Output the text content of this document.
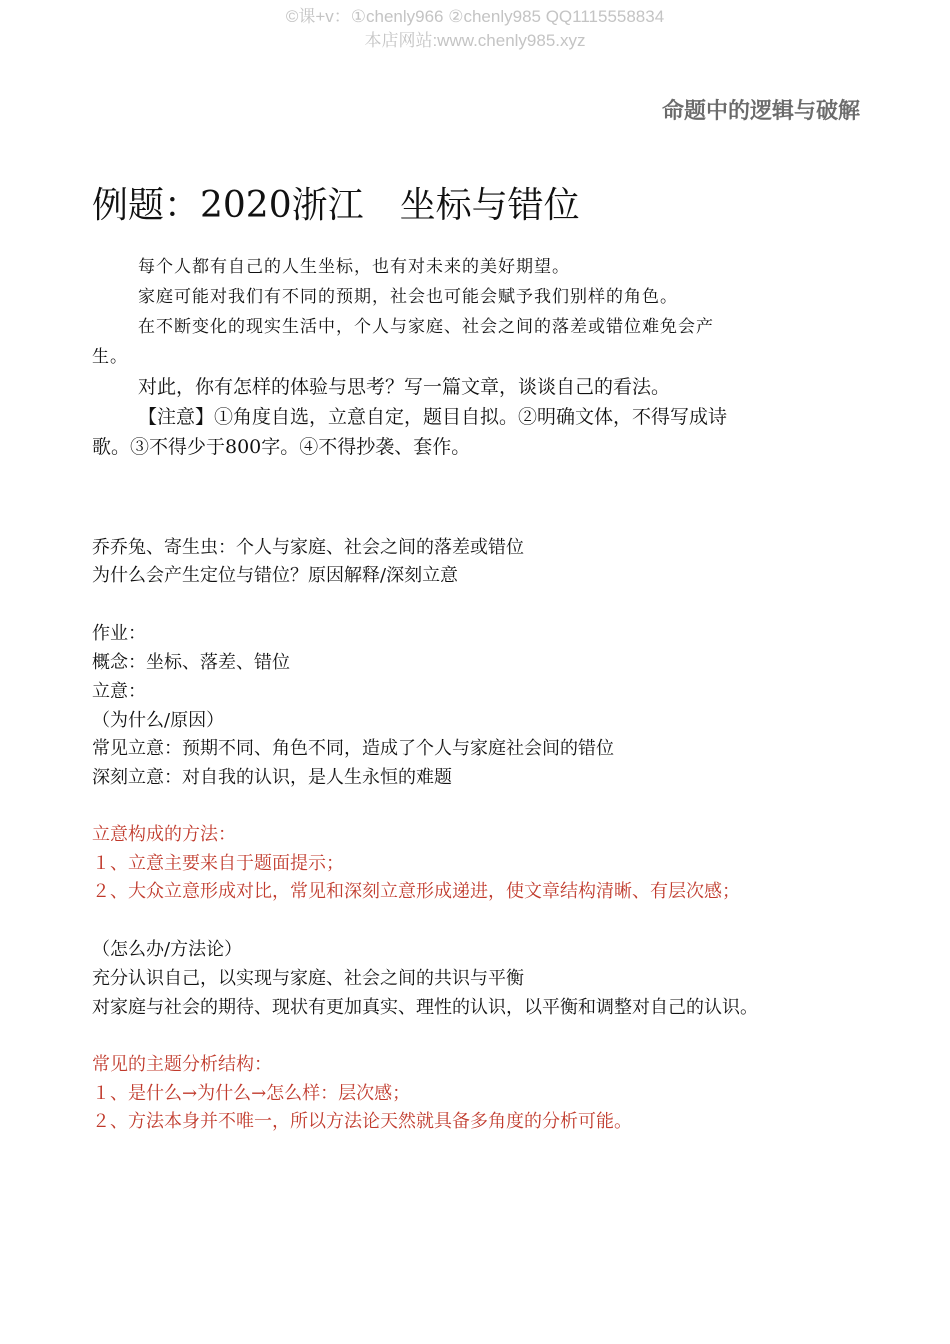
©课+v：①chenly966 ②chenly985 QQ1115558834
本店网站:www.chenly985.xyz
命题中的逻辑与破解
例题：2020浙江 坐标与错位

每个人都有自己的人生坐标，也有对未来的美好期望。

家庭可能对我们有不同的预期，社会也可能会赋予我们别样的角色。

在不断变化的现实生活中，个人与家庭、社会之间的落差或错位难免会产

生。

对此，你有怎样的体验与思考？写一篇文章，谈谈自己的看法。

【注意】①角度自选，立意自定，题目自拟。②明确文体，不得写成诗

歌。③不得少于800字。④不得抄袭、套作。

乔乔兔、寄生虫：个人与家庭、社会之间的落差或错位
为什么会产生定位与错位？原因解释/深刻立意
作业：
概念：坐标、落差、错位
立意：
（为什么/原因）
常见立意：预期不同、角色不同，造成了个人与家庭社会间的错位
深刻立意：对自我的认识，是人生永恒的难题
立意构成的方法：
１、立意主要来自于题面提示；
２、大众立意形成对比，常见和深刻立意形成递进，使文章结构清晰、有层次感；
（怎么办/方法论）
充分认识自己，以实现与家庭、社会之间的共识与平衡
对家庭与社会的期待、现状有更加真实、理性的认识，以平衡和调整对自己的认识。
常见的主题分析结构：
１、是什么→为什么→怎么样：层次感；
２、方法本身并不唯一，所以方法论天然就具备多角度的分析可能。
